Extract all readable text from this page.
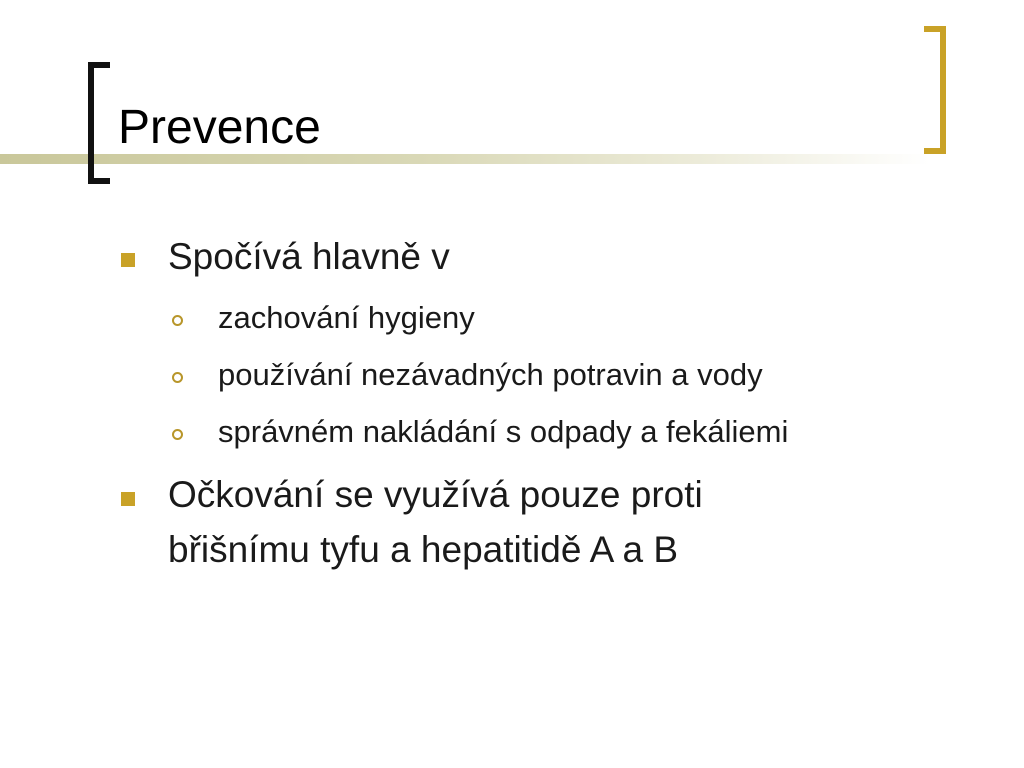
Prevence
Spočívá hlavně v
zachování hygieny
používání nezávadných potravin a vody
správném nakládání s odpady a fekáliemi
Očkování se využívá pouze proti
břišnímu tyfu a hepatitidě A a B
